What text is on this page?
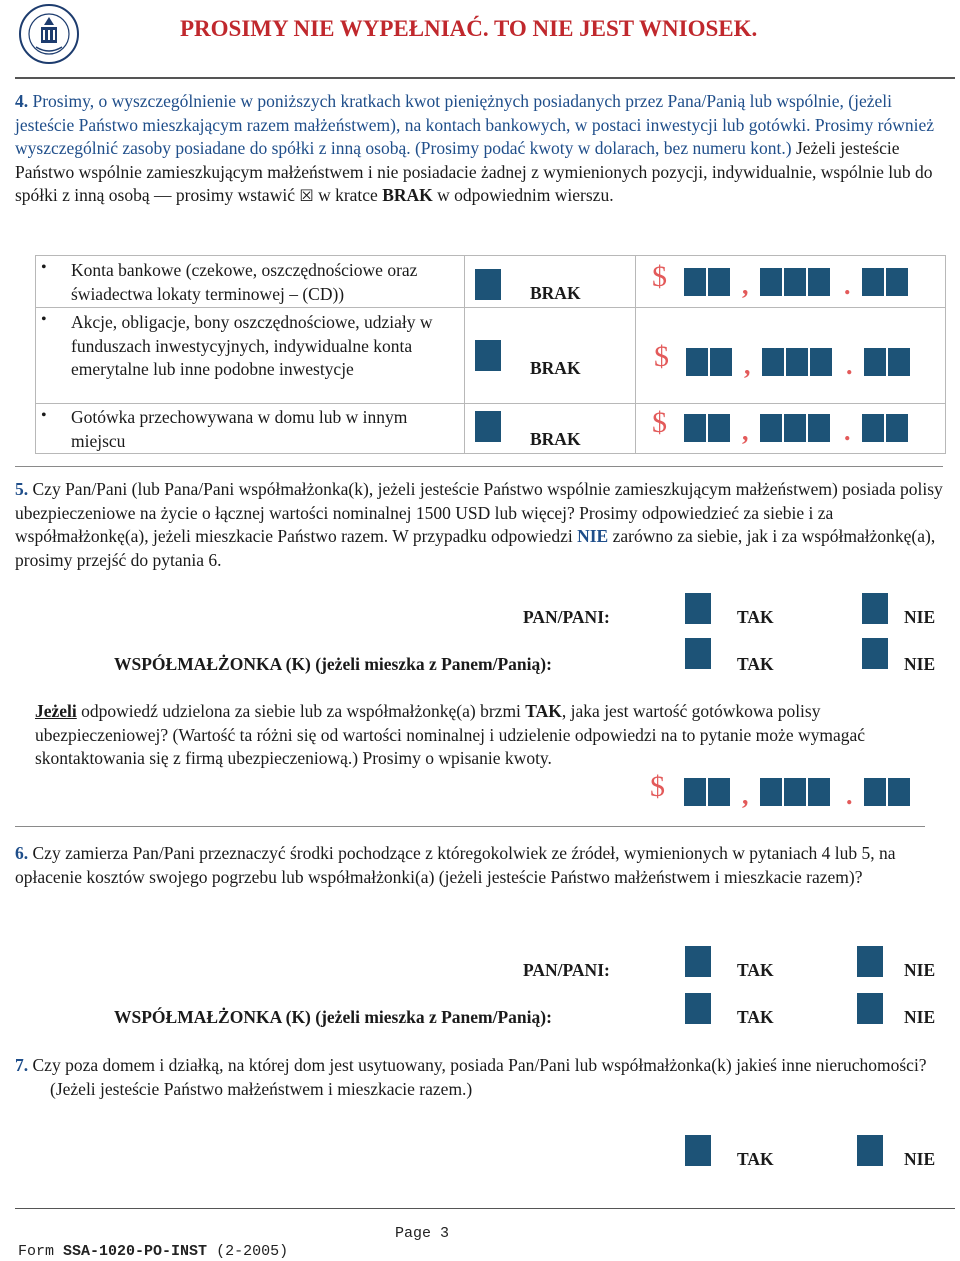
PROSIMY NIE WYPEŁNIAĆ. TO NIE JEST WNIOSEK.

4. Prosimy, o wyszczególnienie w poniższych kratkach kwot pieniężnych posiadanych przez Pana/Panią lub wspólnie, (jeżeli jesteście Państwo mieszkającym razem małżeństwem), na kontach bankowych, w postaci inwestycji lub gotówki. Prosimy również wyszczególnić zasoby posiadane do spółki z inną osobą. (Prosimy podać kwoty w dolarach, bez numeru kont.) Jeżeli jesteście Państwo wspólnie zamieszkującym małżeństwem i nie posiadacie żadnej z wymienionych pozycji, indywidualnie, wspólnie lub do spółki z inną osobą — prosimy wstawić ☒ w kratce BRAK w odpowiednim wierszu.

• Konta bankowe (czekowe, oszczędnościowe oraz świadectwa lokaty terminowej – (CD))	BRAK	$ , .

• Akcje, obligacje, bony oszczędnościowe, udziały w funduszach inwestycyjnych, indywidualne konta emerytalne lub inne podobne inwestycje	BRAK	$ , .

• Gotówka przechowywana w domu lub w innym miejscu	BRAK	$ , .

5. Czy Pan/Pani (lub Pana/Pani współmałżonka(k), jeżeli jesteście Państwo wspólnie zamieszkującym małżeństwem) posiada polisy ubezpieczeniowe na życie o łącznej wartości nominalnej 1500 USD lub więcej? Prosimy odpowiedzieć za siebie i za współmałżonkę(a), jeżeli mieszkacie Państwo razem. W przypadku odpowiedzi NIE zarówno za siebie, jak i za współmałżonkę(a), prosimy przejść do pytania 6.

PAN/PANI:	TAK	NIE
WSPÓŁMAŁŻONKA (K) (jeżeli mieszka z Panem/Panią):	TAK	NIE

Jeżeli odpowiedź udzielona za siebie lub za współmałżonkę(a) brzmi TAK, jaka jest wartość gotówkowa polisy ubezpieczeniowej? (Wartość ta różni się od wartości nominalnej i udzielenie odpowiedzi na to pytanie może wymagać skontaktowania się z firmą ubezpieczeniową.) Prosimy o wpisanie kwoty.

$	,	.

6. Czy zamierza Pan/Pani przeznaczyć środki pochodzące z któregokolwiek ze źródeł, wymienionych w pytaniach 4 lub 5, na opłacenie kosztów swojego pogrzebu lub współmałżonki(a) (jeżeli jesteście Państwo małżeństwem i mieszkacie razem)?

PAN/PANI:	TAK	NIE
WSPÓŁMAŁŻONKA (K) (jeżeli mieszka z Panem/Panią):	TAK	NIE

7. Czy poza domem i działką, na której dom jest usytuowany, posiada Pan/Pani lub współmałżonka(k) jakieś inne nieruchomości? (Jeżeli jesteście Państwo małżeństwem i mieszkacie razem.)

TAK	NIE

Form SSA-1020-PO-INST (2-2005)

Page 3
